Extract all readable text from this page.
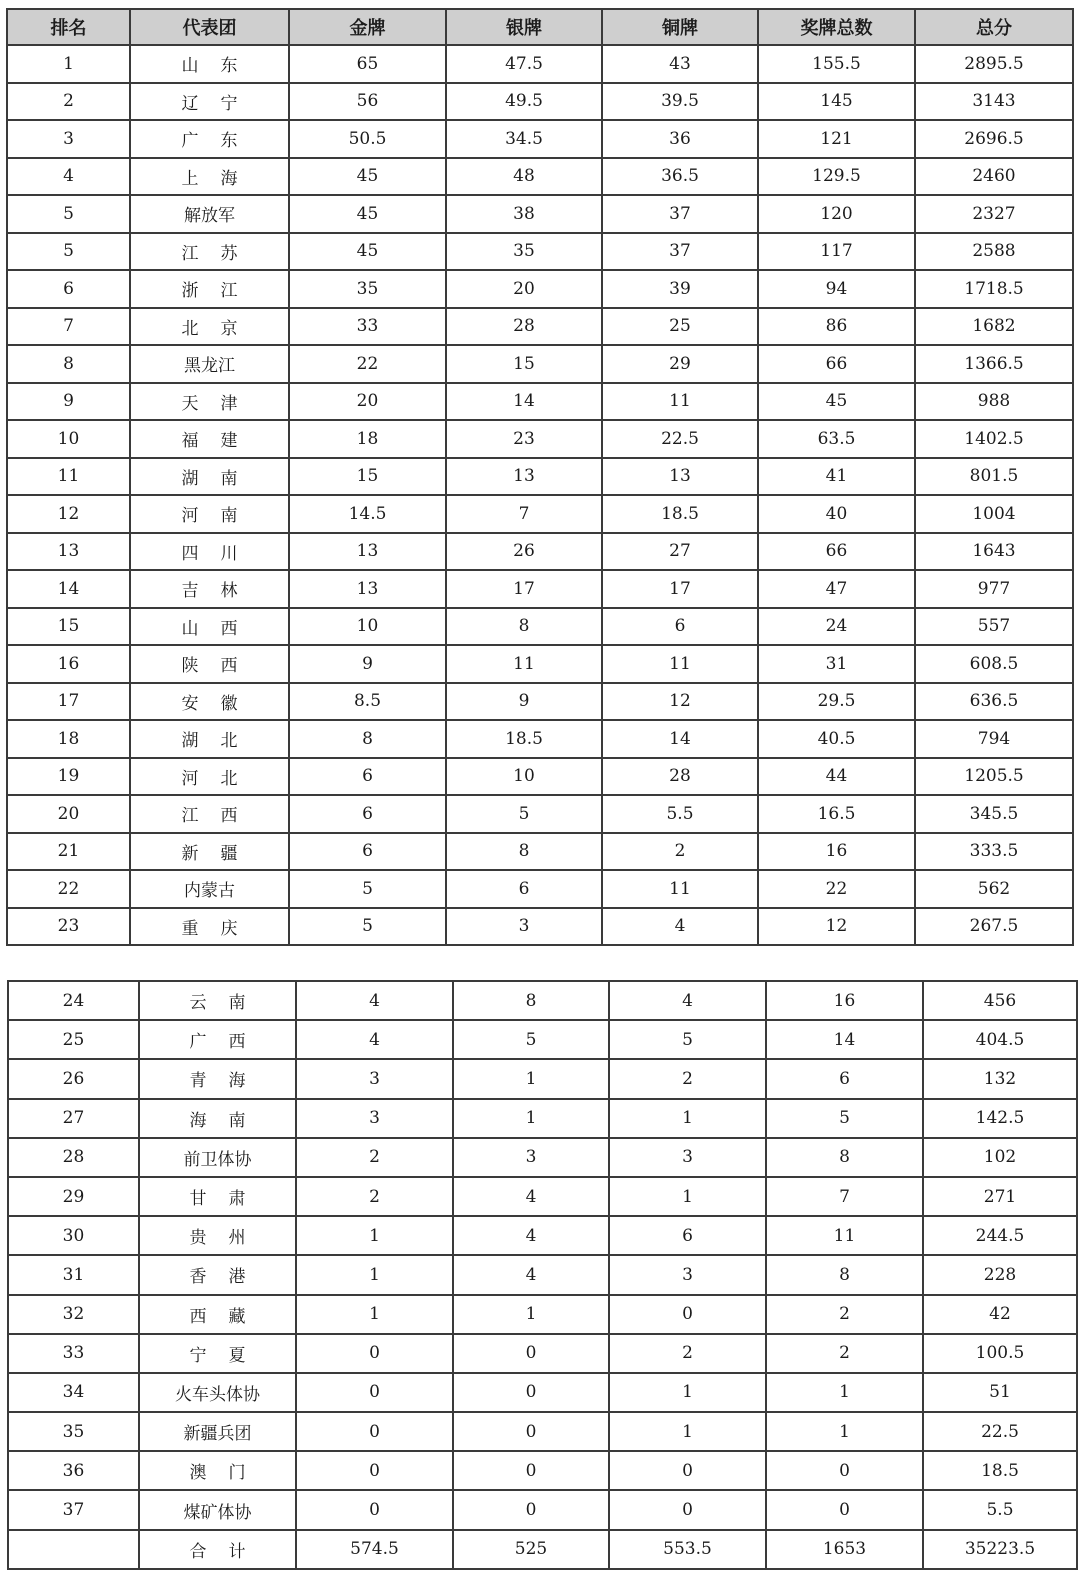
排名	代表团	金牌	银牌	铜牌	奖牌总数	总分
1	山东	65	47.5	43	155.5	2895.5
2	辽宁	56	49.5	39.5	145	3143
3	广东	50.5	34.5	36	121	2696.5
4	上海	45	48	36.5	129.5	2460
5	解放军	45	38	37	120	2327
5	江苏	45	35	37	117	2588
6	浙江	35	20	39	94	1718.5
7	北京	33	28	25	86	1682
8	黑龙江	22	15	29	66	1366.5
9	天津	20	14	11	45	988
10	福建	18	23	22.5	63.5	1402.5
11	湖南	15	13	13	41	801.5
12	河南	14.5	7	18.5	40	1004
13	四川	13	26	27	66	1643
14	吉林	13	17	17	47	977
15	山西	10	8	6	24	557
16	陕西	9	11	11	31	608.5
17	安徽	8.5	9	12	29.5	636.5
18	湖北	8	18.5	14	40.5	794
19	河北	6	10	28	44	1205.5
20	江西	6	5	5.5	16.5	345.5
21	新疆	6	8	2	16	333.5
22	内蒙古	5	6	11	22	562
23	重庆	5	3	4	12	267.5
24	云南	4	8	4	16	456
25	广西	4	5	5	14	404.5
26	青海	3	1	2	6	132
27	海南	3	1	1	5	142.5
28	前卫体协	2	3	3	8	102
29	甘肃	2	4	1	7	271
30	贵州	1	4	6	11	244.5
31	香港	1	4	3	8	228
32	西藏	1	1	0	2	42
33	宁夏	0	0	2	2	100.5
34	火车头体协	0	0	1	1	51
35	新疆兵团	0	0	1	1	22.5
36	澳门	0	0	0	0	18.5
37	煤矿体协	0	0	0	0	5.5
	合计	574.5	525	553.5	1653	35223.5
